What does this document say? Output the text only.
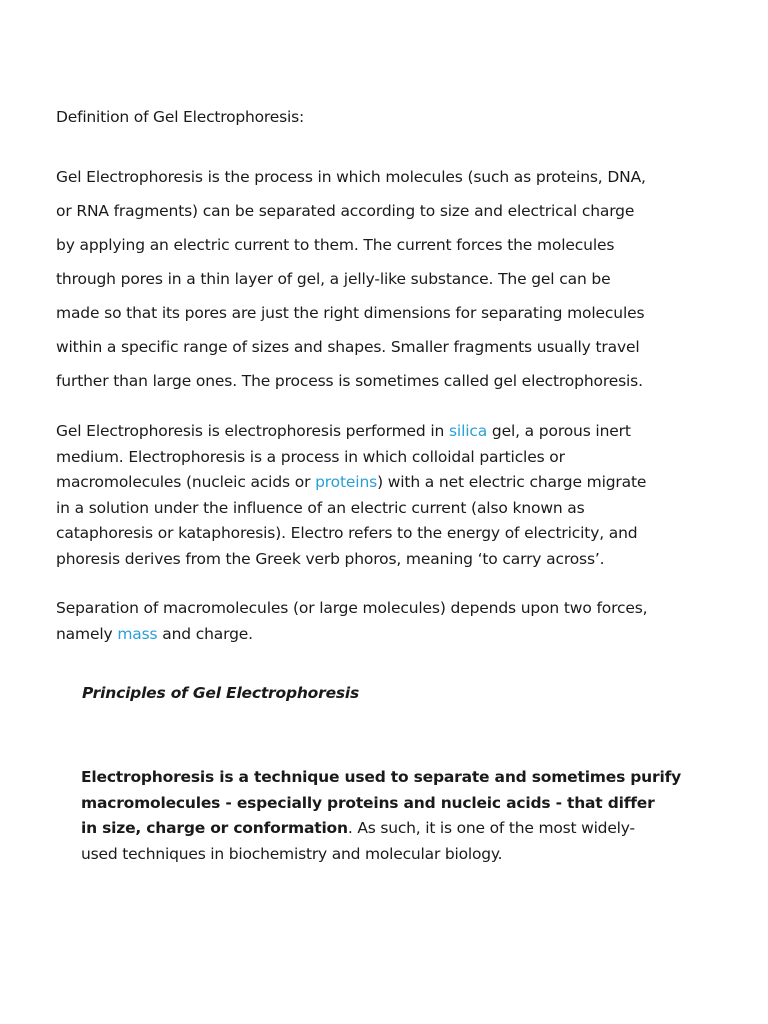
Definition of Gel Electrophoresis:
Gel Electrophoresis is the process in which molecules (such as proteins, DNA,
or RNA fragments) can be separated according to size and electrical charge
by applying an electric current to them. The current forces the molecules
through pores in a thin layer of gel, a jelly-like substance. The gel can be
made so that its pores are just the right dimensions for separating molecules
within a specific range of sizes and shapes. Smaller fragments usually travel
further than large ones. The process is sometimes called gel electrophoresis.
Gel Electrophoresis is electrophoresis performed in silica gel, a porous inert
medium. Electrophoresis is a process in which colloidal particles or
macromolecules (nucleic acids or proteins) with a net electric charge migrate
in a solution under the influence of an electric current (also known as
cataphoresis or kataphoresis). Electro refers to the energy of electricity, and
phoresis derives from the Greek verb phoros, meaning ‘to carry across’.
Separation of macromolecules (or large molecules) depends upon two forces,
namely mass and charge.
Principles of Gel Electrophoresis
Electrophoresis is a technique used to separate and sometimes purify
macromolecules - especially proteins and nucleic acids - that differ
in size, charge or conformation. As such, it is one of the most widely-
used techniques in biochemistry and molecular biology.
